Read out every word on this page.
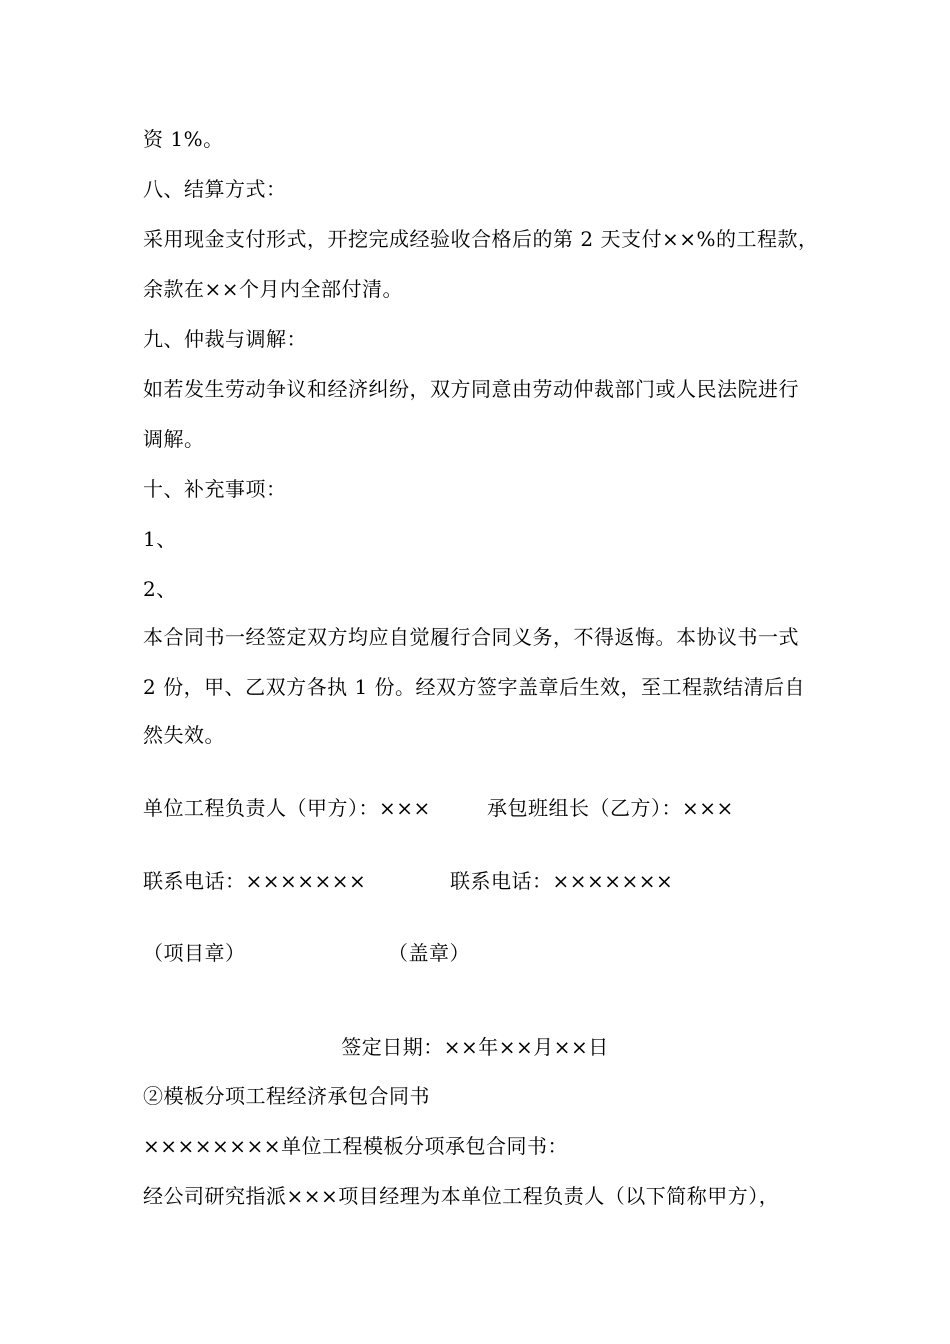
资 1%。
八、结算方式：
采用现金支付形式，开挖完成经验收合格后的第 2 天支付××%的工程款，
余款在××个月内全部付清。
九、仲裁与调解：
如若发生劳动争议和经济纠纷，双方同意由劳动仲裁部门或人民法院进行
调解。
十、补充事项：
1、
2、
本合同书一经签定双方均应自觉履行合同义务，不得返悔。本协议书一式
2 份，甲、乙双方各执 1 份。经双方签字盖章后生效，至工程款结清后自
然失效。
单位工程负责人（甲方）：×××	承包班组长（乙方）：×××
联系电话：×××××××	联系电话：×××××××
（项目章）	（盖章）
签定日期：××年××月××日
②模板分项工程经济承包合同书
××××××××单位工程模板分项承包合同书：
经公司研究指派×××项目经理为本单位工程负责人（以下简称甲方），
